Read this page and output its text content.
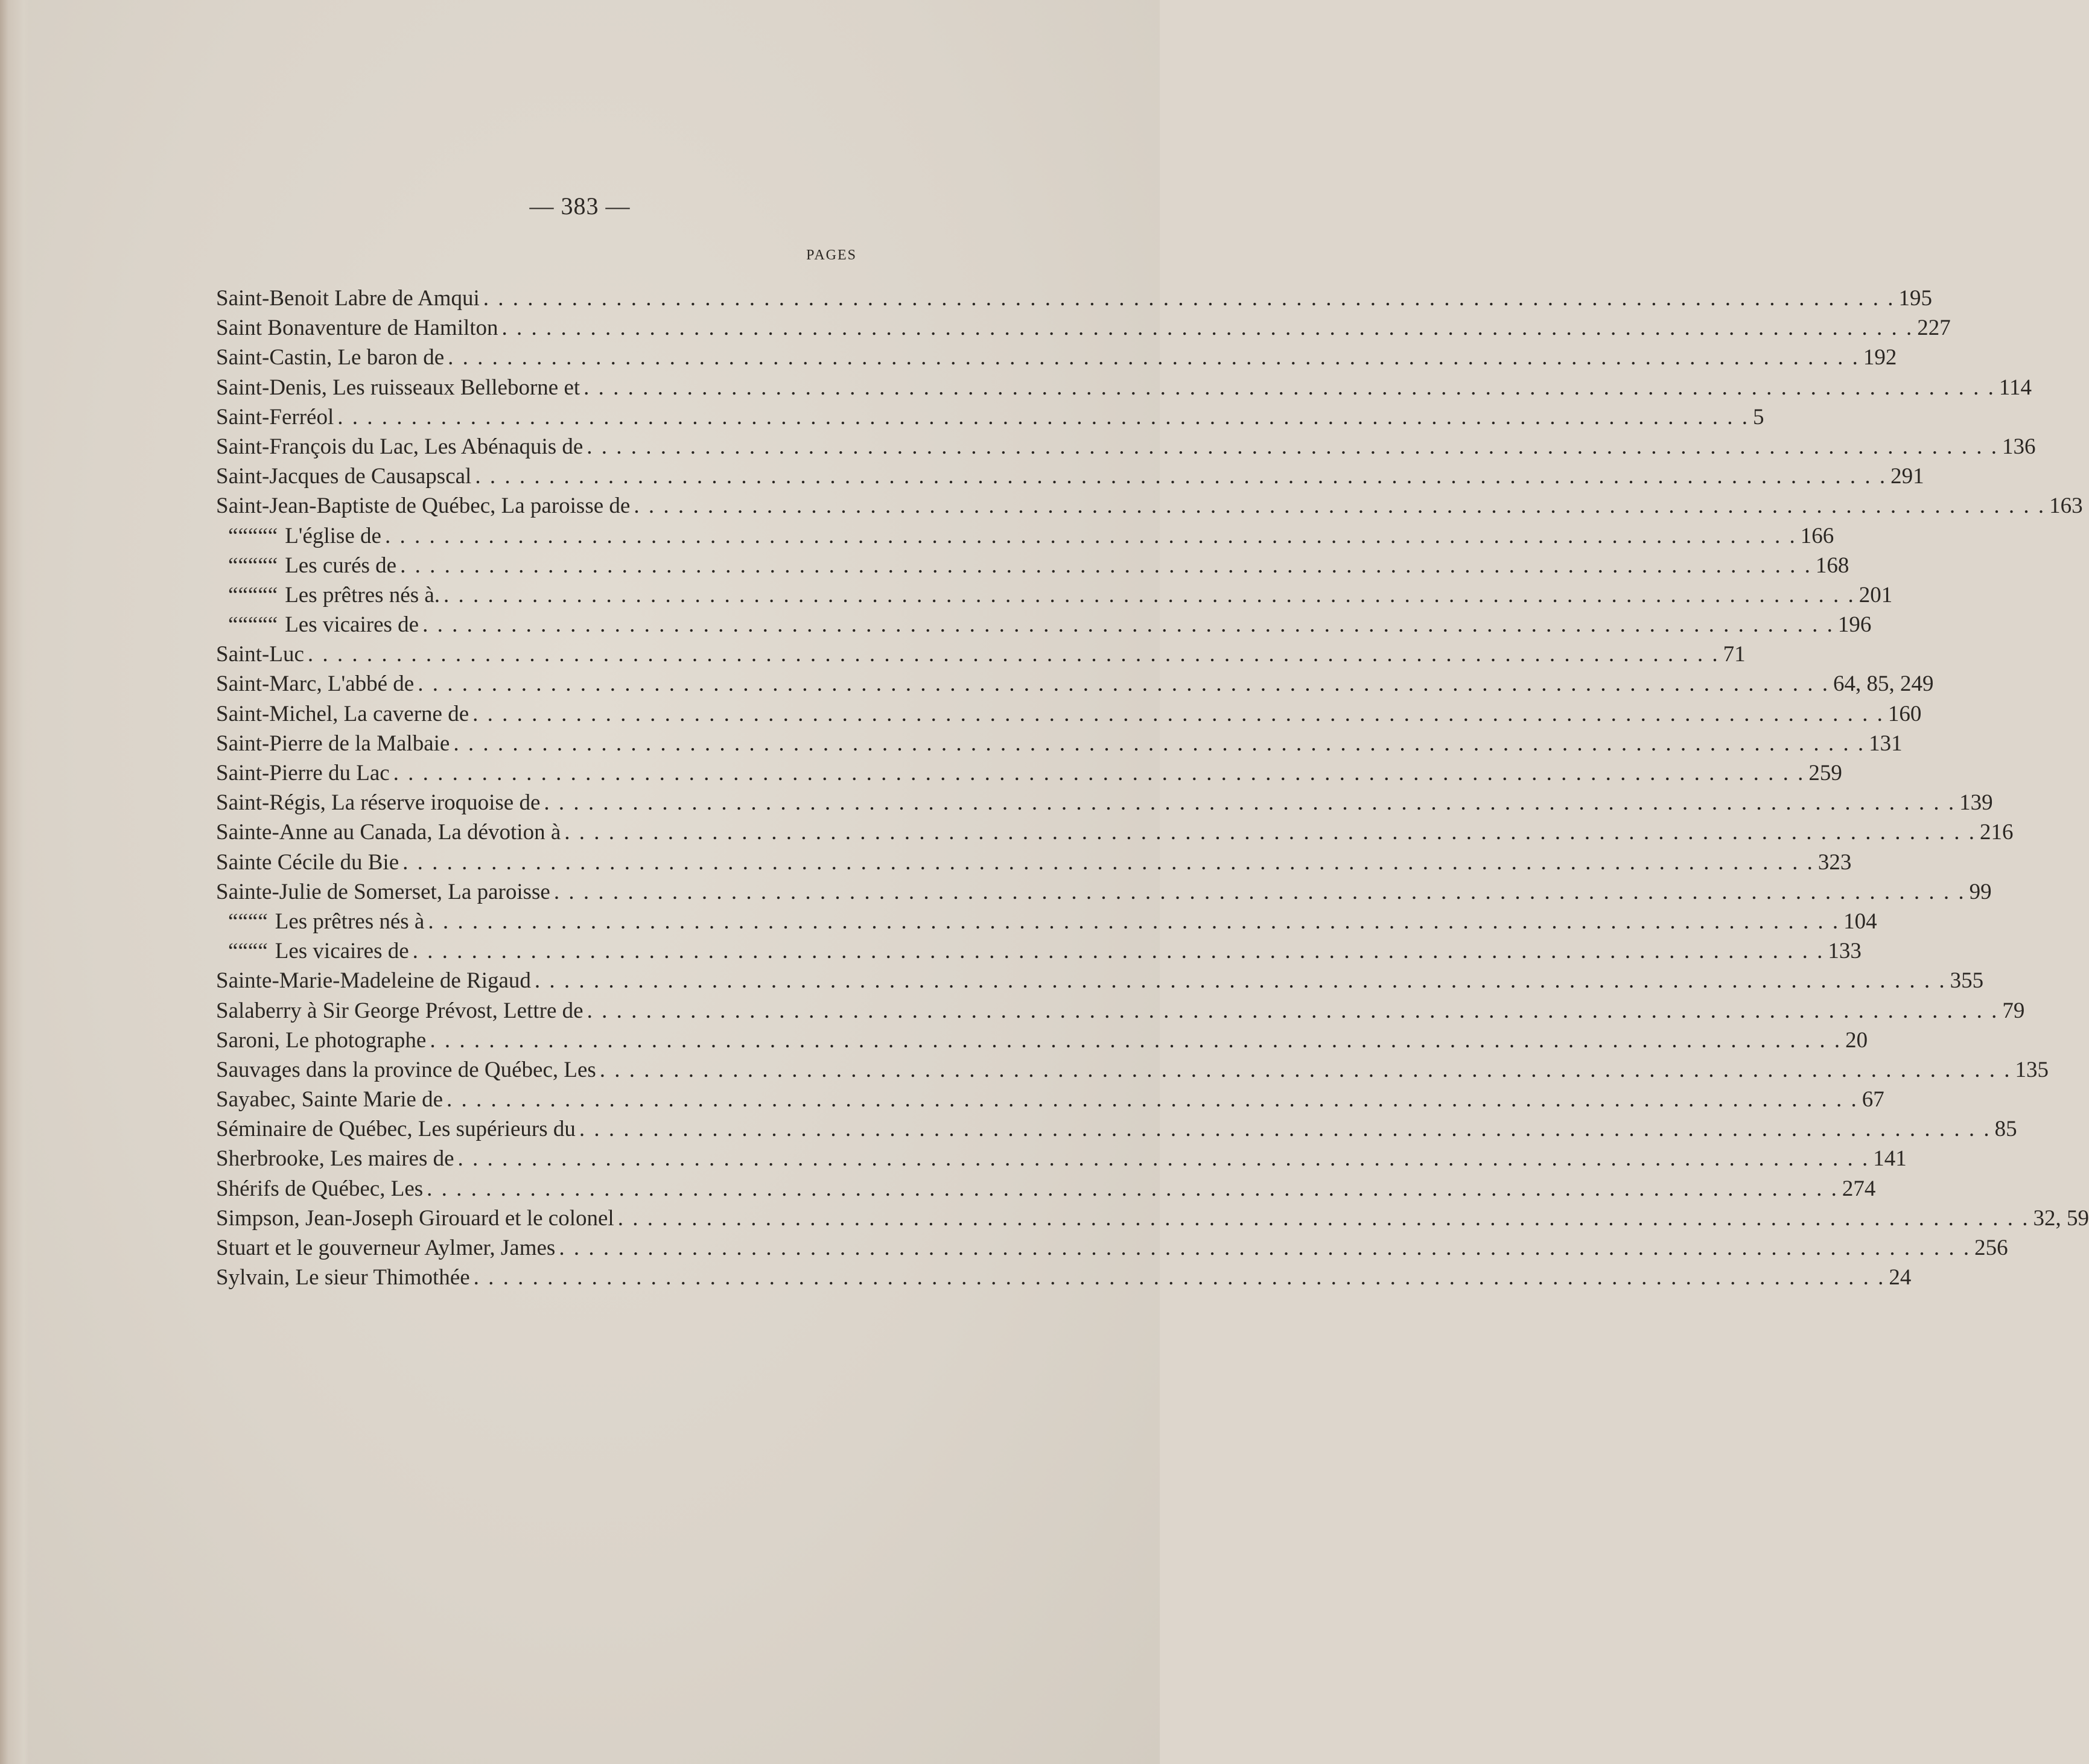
— 383 —
PAGES
Saint-Benoit Labre de Amqui . . .	195
Saint Bonaventure de Hamilton . . .	227
Saint-Castin, Le baron de . . .	192
Saint-Denis, Les ruisseaux Belleborne et . . .	114
Saint-Ferréol . . .	5
Saint-François du Lac, Les Abénaquis de . . .	136
Saint-Jacques de Causapscal . . .	291
Saint-Jean-Baptiste de Québec, La paroisse de . . .	163
“ “ “ “ “ L'église de . . .	166
“ “ “ “ “ Les curés de . . .	168
“ “ “ “ “ Les prêtres nés à. . . .	201
“ “ “ “ “ Les vicaires de . . .	196
Saint-Luc . . .	71
Saint-Marc, L'abbé de . . .	64, 85, 249
Saint-Michel, La caverne de . . .	160
Saint-Pierre de la Malbaie . . .	131
Saint-Pierre du Lac . . .	259
Saint-Régis, La réserve iroquoise de . . .	139
Sainte-Anne au Canada, La dévotion à . . .	216
Sainte Cécile du Bie . . .	323
Sainte-Julie de Somerset, La paroisse . . .	99
“ “ “ “ Les prêtres nés à . . .	104
“ “ “ “ Les vicaires de . . .	133
Sainte-Marie-Madeleine de Rigaud . . .	355
Salaberry à Sir George Prévost, Lettre de . . .	79
Saroni, Le photographe . . .	20
Sauvages dans la province de Québec, Les . . .	135
Sayabec, Sainte Marie de . . .	67
Séminaire de Québec, Les supérieurs du . . .	85
Sherbrooke, Les maires de . . .	141
Shérifs de Québec, Les . . .	274
Simpson, Jean-Joseph Girouard et le colonel . . .	32, 59
Stuart et le gouverneur Aylmer, James . . .	256
Sylvain, Le sieur Thimothée . . .	24
